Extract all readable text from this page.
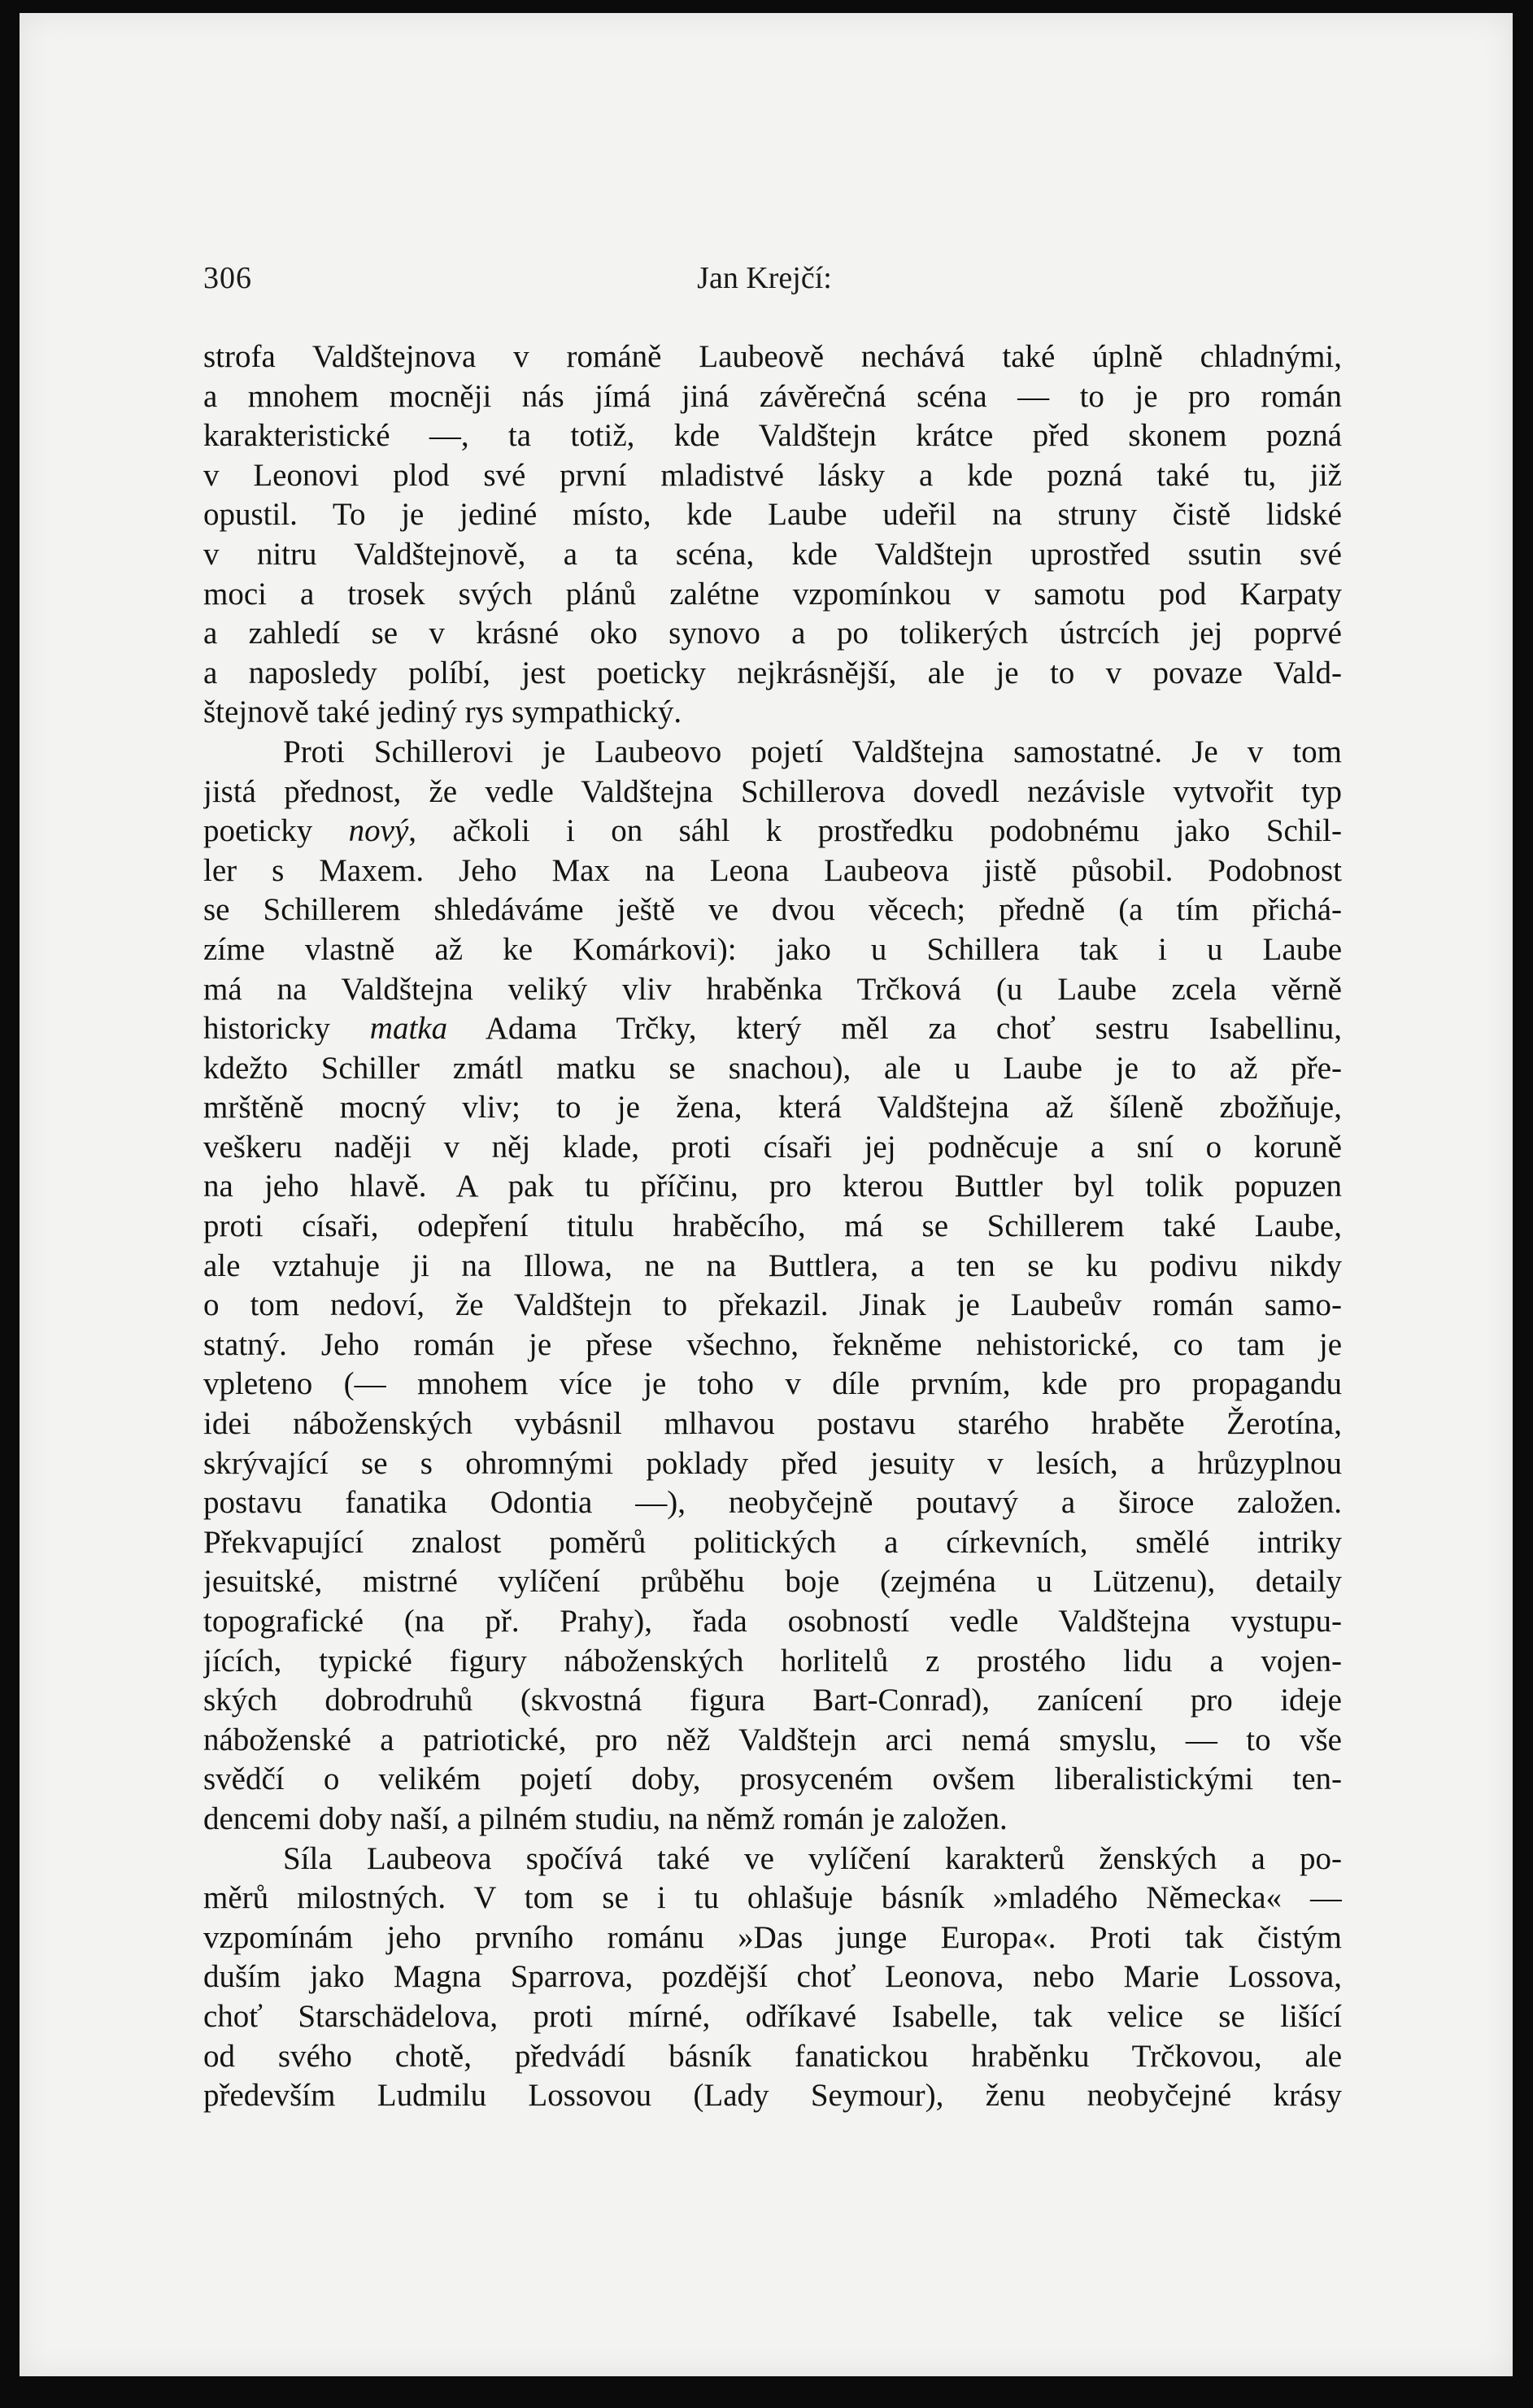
306	Jan Krejčí:
strofa Valdštejnova v románě Laubeově nechává také úplně chladnými,
a mnohem mocněji nás jímá jiná závěrečná scéna — to je pro román
karakteristické —, ta totiž, kde Valdštejn krátce před skonem pozná
v Leonovi plod své první mladistvé lásky a kde pozná také tu, již
opustil. To je jediné místo, kde Laube udeřil na struny čistě lidské
v nitru Valdštejnově, a ta scéna, kde Valdštejn uprostřed ssutin své
moci a trosek svých plánů zalétne vzpomínkou v samotu pod Karpaty
a zahledí se v krásné oko synovo a po tolikerých ústrcích jej poprvé
a naposledy políbí, jest poeticky nejkrásnější, ale je to v povaze Vald-
štejnově také jediný rys sympathický.
Proti Schillerovi je Laubeovo pojetí Valdštejna samostatné. Je v tom
jistá přednost, že vedle Valdštejna Schillerova dovedl nezávisle vytvořit typ
poeticky nový, ačkoli i on sáhl k prostředku podobnému jako Schil-
ler s Maxem. Jeho Max na Leona Laubeova jistě působil. Podobnost
se Schillerem shledáváme ještě ve dvou věcech; předně (a tím přichá-
zíme vlastně až ke Komárkovi): jako u Schillera tak i u Laube
má na Valdštejna veliký vliv hraběnka Trčková (u Laube zcela věrně
historicky matka Adama Trčky, který měl za choť sestru Isabellinu,
kdežto Schiller zmátl matku se snachou), ale u Laube je to až pře-
mrštěně mocný vliv; to je žena, která Valdštejna až šíleně zbožňuje,
veškeru naději v něj klade, proti císaři jej podněcuje a sní o koruně
na jeho hlavě. A pak tu příčinu, pro kterou Buttler byl tolik popuzen
proti císaři, odepření titulu hraběcího, má se Schillerem také Laube,
ale vztahuje ji na Illowa, ne na Buttlera, a ten se ku podivu nikdy
o tom nedoví, že Valdštejn to překazil. Jinak je Laubeův román samo-
statný. Jeho román je přese všechno, řekněme nehistorické, co tam je
vpleteno (— mnohem více je toho v díle prvním, kde pro propagandu
idei náboženských vybásnil mlhavou postavu starého hraběte Žerotína,
skrývající se s ohromnými poklady před jesuity v lesích, a hrůzyplnou
postavu fanatika Odontia —), neobyčejně poutavý a široce založen.
Překvapující znalost poměrů politických a církevních, smělé intriky
jesuitské, mistrné vylíčení průběhu boje (zejména u Lützenu), detaily
topografické (na př. Prahy), řada osobností vedle Valdštejna vystupu-
jících, typické figury náboženských horlitelů z prostého lidu a vojen-
ských dobrodruhů (skvostná figura Bart-Conrad), zanícení pro ideje
náboženské a patriotické, pro něž Valdštejn arci nemá smyslu, — to vše
svědčí o velikém pojetí doby, prosyceném ovšem liberalistickými ten-
dencemi doby naší, a pilném studiu, na němž román je založen.
Síla Laubeova spočívá také ve vylíčení karakterů ženských a po-
měrů milostných. V tom se i tu ohlašuje básník »mladého Německa« —
vzpomínám jeho prvního románu »Das junge Europa«. Proti tak čistým
duším jako Magna Sparrova, pozdější choť Leonova, nebo Marie Lossova,
choť Starschädelova, proti mírné, odříkavé Isabelle, tak velice se lišící
od svého chotě, předvádí básník fanatickou hraběnku Trčkovou, ale
především Ludmilu Lossovou (Lady Seymour), ženu neobyčejné krásy
